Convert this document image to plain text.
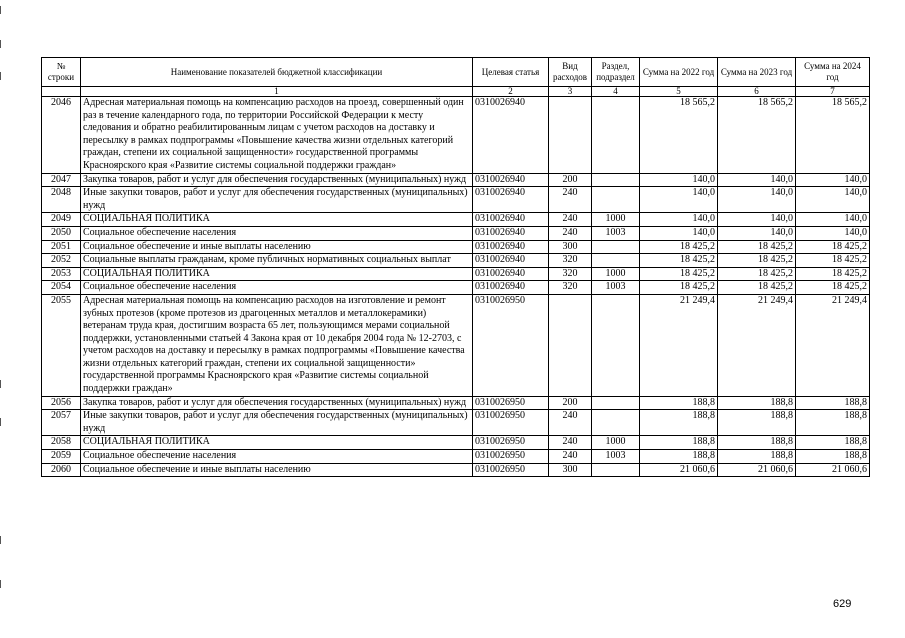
№ строки	Наименование показателей бюджетной классификации	Целевая статья	Вид расходов	Раздел, подраздел	Сумма на 2022 год	Сумма на 2023 год	Сумма на 2024 год
	1	2	3	4	5	6	7
2046	Адресная материальная помощь на компенсацию расходов на проезд, совершенный один раз в течение календарного года, по территории Российской Федерации к месту следования и обратно реабилитированным лицам с учетом расходов на доставку и пересылку в рамках подпрограммы «Повышение качества жизни отдельных категорий граждан, степени их социальной защищенности» государственной программы Красноярского края «Развитие системы социальной поддержки граждан»	0310026940			18 565,2	18 565,2	18 565,2
2047	Закупка товаров, работ и услуг для обеспечения государственных (муниципальных) нужд	0310026940	200		140,0	140,0	140,0
2048	Иные закупки товаров, работ и услуг для обеспечения государственных (муниципальных) нужд	0310026940	240		140,0	140,0	140,0
2049	СОЦИАЛЬНАЯ ПОЛИТИКА	0310026940	240	1000	140,0	140,0	140,0
2050	Социальное обеспечение населения	0310026940	240	1003	140,0	140,0	140,0
2051	Социальное обеспечение и иные выплаты населению	0310026940	300		18 425,2	18 425,2	18 425,2
2052	Социальные выплаты гражданам, кроме публичных нормативных социальных выплат	0310026940	320		18 425,2	18 425,2	18 425,2
2053	СОЦИАЛЬНАЯ ПОЛИТИКА	0310026940	320	1000	18 425,2	18 425,2	18 425,2
2054	Социальное обеспечение населения	0310026940	320	1003	18 425,2	18 425,2	18 425,2
2055	Адресная материальная помощь на компенсацию расходов на изготовление и ремонт зубных протезов (кроме протезов из драгоценных металлов и металлокерамики) ветеранам труда края, достигшим возраста 65 лет, пользующимся мерами социальной поддержки, установленными статьей 4 Закона края от 10 декабря 2004 года № 12-2703, с учетом расходов на доставку и пересылку в рамках подпрограммы «Повышение качества жизни отдельных категорий граждан, степени их социальной защищенности» государственной программы Красноярского края «Развитие системы социальной поддержки граждан»	0310026950			21 249,4	21 249,4	21 249,4
2056	Закупка товаров, работ и услуг для обеспечения государственных (муниципальных) нужд	0310026950	200		188,8	188,8	188,8
2057	Иные закупки товаров, работ и услуг для обеспечения государственных (муниципальных) нужд	0310026950	240		188,8	188,8	188,8
2058	СОЦИАЛЬНАЯ ПОЛИТИКА	0310026950	240	1000	188,8	188,8	188,8
2059	Социальное обеспечение населения	0310026950	240	1003	188,8	188,8	188,8
2060	Социальное обеспечение и иные выплаты населению	0310026950	300		21 060,6	21 060,6	21 060,6
629
